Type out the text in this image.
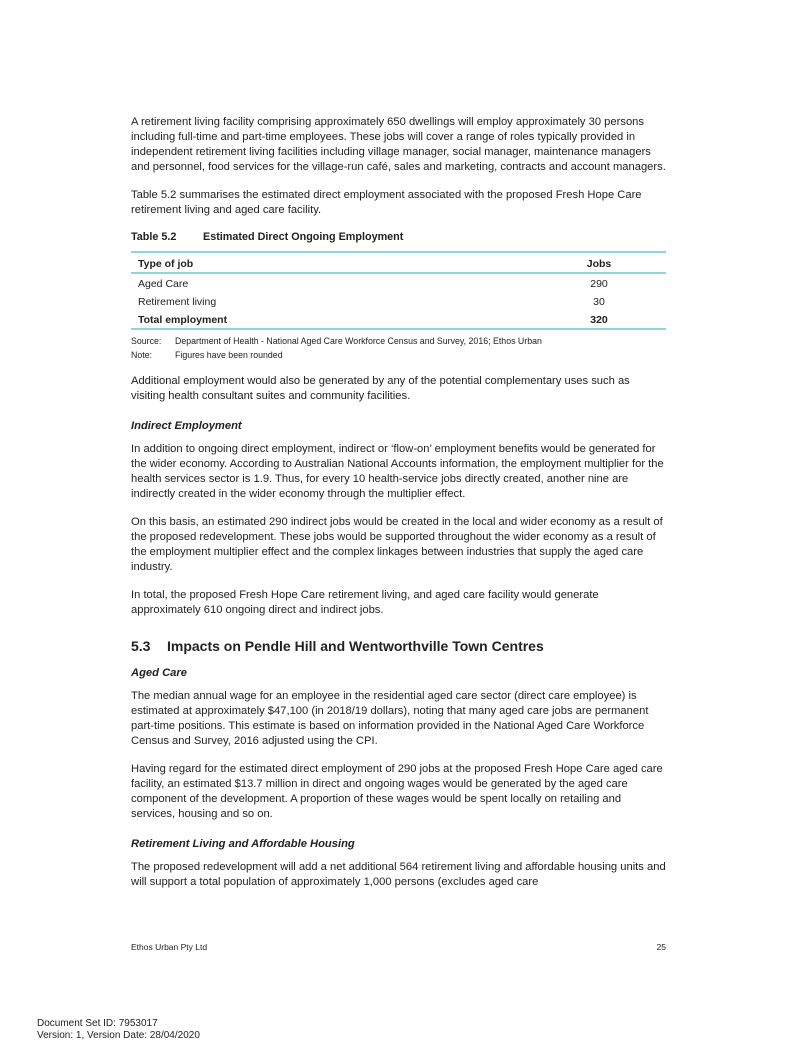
A retirement living facility comprising approximately 650 dwellings will employ approximately 30 persons including full-time and part-time employees. These jobs will cover a range of roles typically provided in independent retirement living facilities including village manager, social manager, maintenance managers and personnel, food services for the village-run café, sales and marketing, contracts and account managers.

Table 5.2 summarises the estimated direct employment associated with the proposed Fresh Hope Care retirement living and aged care facility.

Table 5.2 Estimated Direct Ongoing Employment
Type of job	Jobs
Aged Care	290
Retirement living	30
Total employment	320

Source: Department of Health - National Aged Care Workforce Census and Survey, 2016; Ethos Urban

Note:	Figures have been rounded

Additional employment would also be generated by any of the potential complementary uses such as visiting health consultant suites and community facilities.

Indirect Employment

In addition to ongoing direct employment, indirect or ‘flow-on’ employment benefits would be generated for the wider economy. According to Australian National Accounts information, the employment multiplier for the health services sector is 1.9. Thus, for every 10 health-service jobs directly created, another nine are indirectly created in the wider economy through the multiplier effect.

On this basis, an estimated 290 indirect jobs would be created in the local and wider economy as a result of the proposed redevelopment. These jobs would be supported throughout the wider economy as a result of the employment multiplier effect and the complex linkages between industries that supply the aged care industry.

In total, the proposed Fresh Hope Care retirement living, and aged care facility would generate approximately 610 ongoing direct and indirect jobs.

5.3 Impacts on Pendle Hill and Wentworthville Town Centres
Aged Care

The median annual wage for an employee in the residential aged care sector (direct care employee) is estimated at approximately $47,100 (in 2018/19 dollars), noting that many aged care jobs are permanent part-time positions. This estimate is based on information provided in the National Aged Care Workforce Census and Survey, 2016 adjusted using the CPI.

Having regard for the estimated direct employment of 290 jobs at the proposed Fresh Hope Care aged care facility, an estimated $13.7 million in direct and ongoing wages would be generated by the aged care component of the development. A proportion of these wages would be spent locally on retailing and services, housing and so on.

Retirement Living and Affordable Housing

The proposed redevelopment will add a net additional 564 retirement living and affordable housing units and will support a total population of approximately 1,000 persons (excludes aged care

Ethos Urban Pty Ltd	25
Document Set ID: 7953017
Version: 1, Version Date: 28/04/2020
